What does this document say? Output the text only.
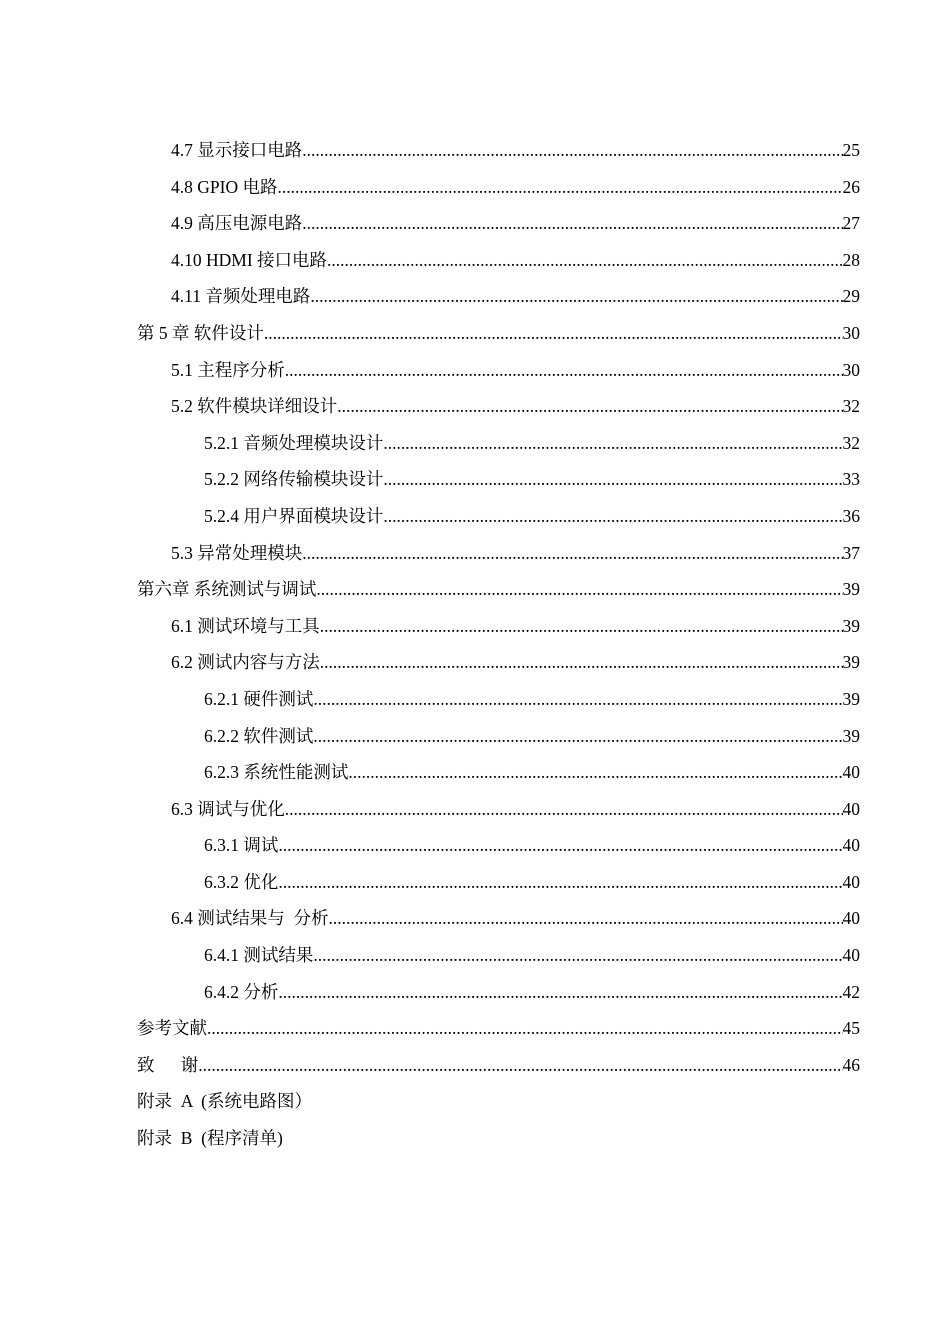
4.7 显示接口电路 .....	25
4.8 GPIO 电路 .....	26
4.9 高压电源电路 .....	27
4.10 HDMI 接口电路 .....	28
4.11 音频处理电路 .....	29
第 5 章 软件设计 .....	30
5.1 主程序分析 .....	30
5.2 软件模块详细设计 .....	32
5.2.1 音频处理模块设计 .....	32
5.2.2 网络传输模块设计 .....	33
5.2.4 用户界面模块设计 .....	36
5.3 异常处理模块 .....	37
第六章 系统测试与调试 .....	39
6.1 测试环境与工具 .....	39
6.2 测试内容与方法 .....	39
6.2.1 硬件测试 .....	39
6.2.2 软件测试 .....	39
6.2.3 系统性能测试 .....	40
6.3 调试与优化 .....	40
6.3.1 调试 .....	40
6.3.2 优化 .....	40
6.4 测试结果与  分析 .....	40
6.4.1 测试结果 .....	40
6.4.2 分析 .....	42
参考文献 .....	45
致      谢 .....	46
附录  A  (系统电路图）
附录  B  (程序清单)
